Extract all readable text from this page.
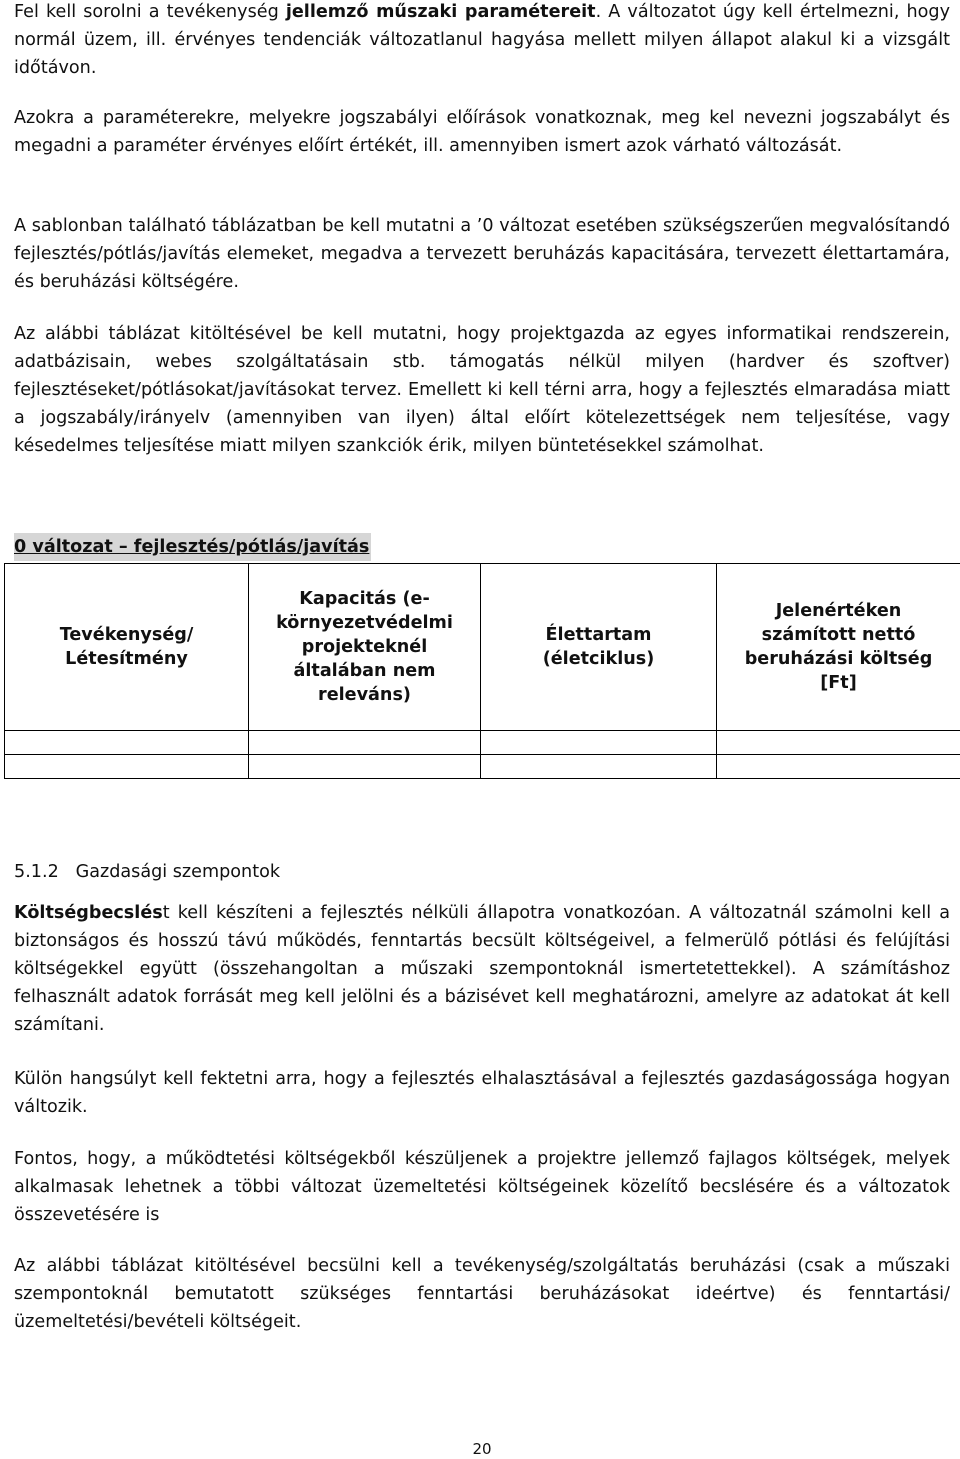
Fel kell sorolni a tevékenység jellemző műszaki paramétereit. A változatot úgy kell értelmezni, hogy normál üzem, ill. érvényes tendenciák változatlanul hagyása mellett milyen állapot alakul ki a vizsgált időtávon.

Azokra a paraméterekre, melyekre jogszabályi előírások vonatkoznak, meg kel nevezni jogszabályt és megadni a paraméter érvényes előírt értékét, ill. amennyiben ismert azok várható változását.

A sablonban található táblázatban be kell mutatni a ’0 változat esetében szükségszerűen megvalósítandó fejlesztés/pótlás/javítás elemeket, megadva a tervezett beruházás kapacitására, tervezett élettartamára, és beruházási költségére.

Az alábbi táblázat kitöltésével be kell mutatni, hogy projektgazda az egyes informatikai rendszerein, adatbázisain, webes szolgáltatásain stb. támogatás nélkül milyen (hardver és szoftver) fejlesztéseket/pótlásokat/javításokat tervez. Emellett ki kell térni arra, hogy a fejlesztés elmaradása miatt a jogszabály/irányelv (amennyiben van ilyen) által előírt kötelezettségek nem teljesítése, vagy késedelmes teljesítése miatt milyen szankciók érik, milyen büntetésekkel számolhat.

0 változat – fejlesztés/pótlás/javítás
Tevékenység/ Létesítmény	Kapacitás (e-környezetvédelmi projekteknél általában nem releváns)	Élettartam (életciklus)	Jelenértéken számított nettó beruházási költség [Ft]

5.1.2 Gazdasági szempontok

Költségbecslést kell készíteni a fejlesztés nélküli állapotra vonatkozóan. A változatnál számolni kell a biztonságos és hosszú távú működés, fenntartás becsült költségeivel, a felmerülő pótlási és felújítási költségekkel együtt (összehangoltan a műszaki szempontoknál ismertetettekkel). A számításhoz felhasznált adatok forrását meg kell jelölni és a bázisévet kell meghatározni, amelyre az adatokat át kell számítani.

Külön hangsúlyt kell fektetni arra, hogy a fejlesztés elhalasztásával a fejlesztés gazdaságossága hogyan változik.

Fontos, hogy, a működtetési költségekből készüljenek a projektre jellemző fajlagos költségek, melyek alkalmasak lehetnek a többi változat üzemeltetési költségeinek közelítő becslésére és a változatok összevetésére is

Az alábbi táblázat kitöltésével becsülni kell a tevékenység/szolgáltatás beruházási (csak a műszaki szempontoknál bemutatott szükséges fenntartási beruházásokat ideértve) és fenntartási/üzemeltetési/bevételi költségeit.

20
